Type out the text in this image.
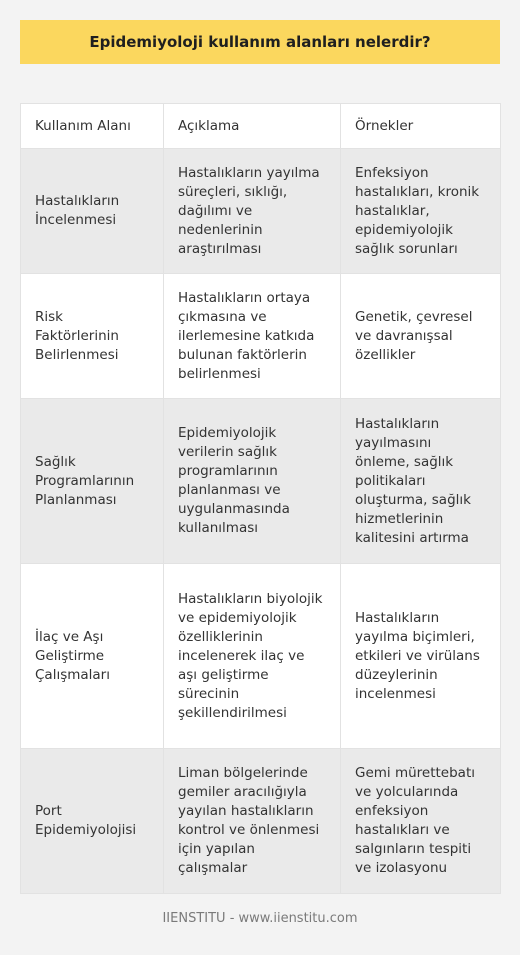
Epidemiyoloji kullanım alanları nelerdir?
Kullanım Alanı	Açıklama	Örnekler
Hastalıkların İncelenmesi	Hastalıkların yayılma süreçleri, sıklığı, dağılımı ve nedenlerinin araştırılması	Enfeksiyon hastalıkları, kronik hastalıklar, epidemiyolojik sağlık sorunları
Risk Faktörlerinin Belirlenmesi	Hastalıkların ortaya çıkmasına ve ilerlemesine katkıda bulunan faktörlerin belirlenmesi	Genetik, çevresel ve davranışsal özellikler
Sağlık Programlarının Planlanması	Epidemiyolojik verilerin sağlık programlarının planlanması ve uygulanmasında kullanılması	Hastalıkların yayılmasını önleme, sağlık politikaları oluşturma, sağlık hizmetlerinin kalitesini artırma
İlaç ve Aşı Geliştirme Çalışmaları	Hastalıkların biyolojik ve epidemiyolojik özelliklerinin incelenerek ilaç ve aşı geliştirme sürecinin şekillendirilmesi	Hastalıkların yayılma biçimleri, etkileri ve virülans düzeylerinin incelenmesi
Port Epidemiyolojisi	Liman bölgelerinde gemiler aracılığıyla yayılan hastalıkların kontrol ve önlenmesi için yapılan çalışmalar	Gemi mürettebatı ve yolcularında enfeksiyon hastalıkları ve salgınların tespiti ve izolasyonu
IIENSTITU - www.iienstitu.com
